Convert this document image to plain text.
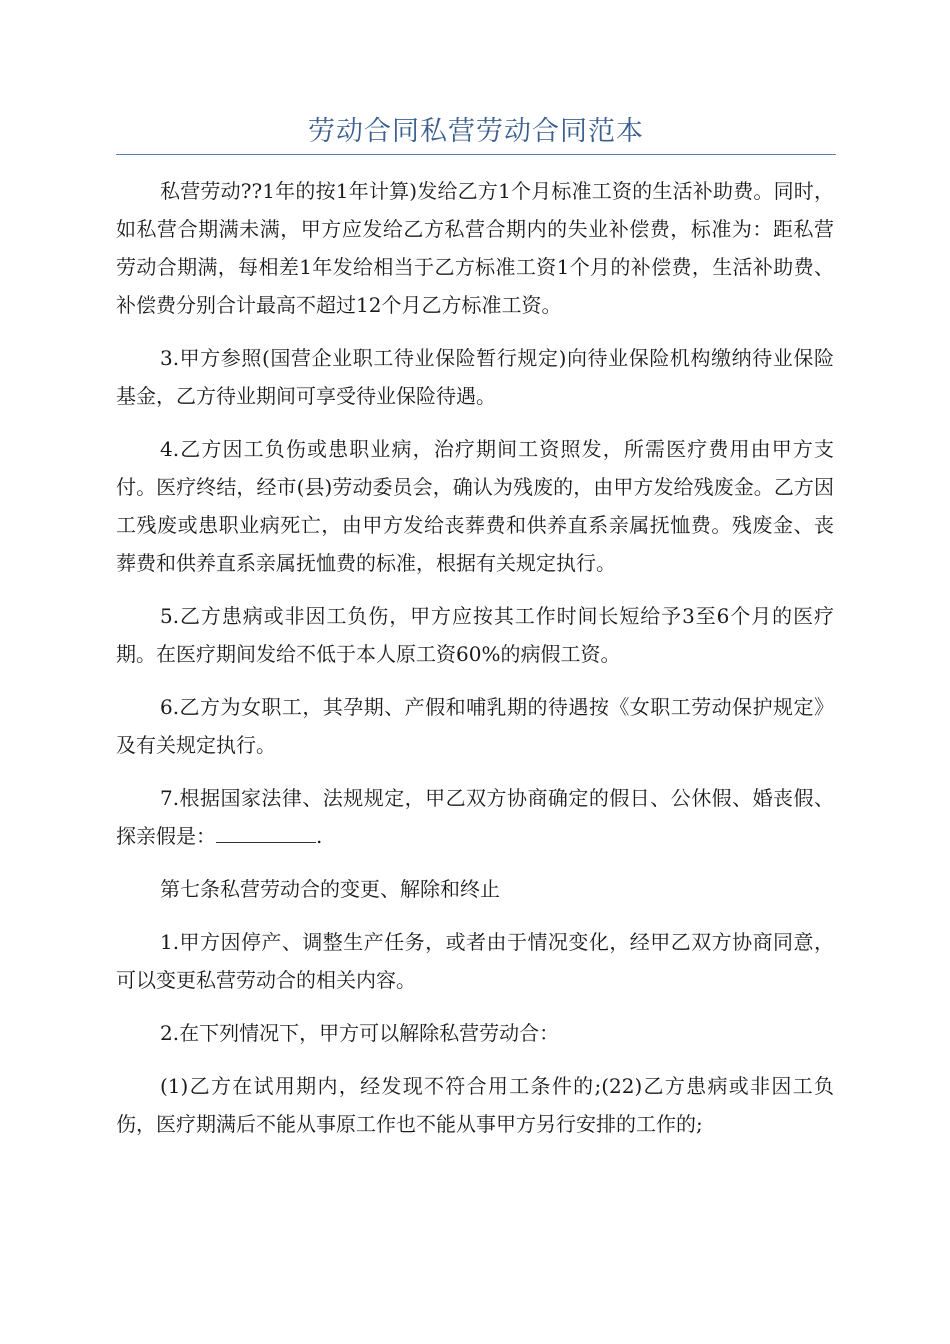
劳动合同私营劳动合同范本

私营劳动??1年的按1年计算)发给乙方1个月标准工资的生活补助费。同时，如私营合期满未满，甲方应发给乙方私营合期内的失业补偿费，标准为：距私营劳动合期满，每相差1年发给相当于乙方标准工资1个月的补偿费，生活补助费、补偿费分别合计最高不超过12个月乙方标准工资。

3.甲方参照(国营企业职工待业保险暂行规定)向待业保险机构缴纳待业保险基金，乙方待业期间可享受待业保险待遇。

4.乙方因工负伤或患职业病，治疗期间工资照发，所需医疗费用由甲方支付。医疗终结，经市(县)劳动委员会，确认为残废的，由甲方发给残废金。乙方因工残废或患职业病死亡，由甲方发给丧葬费和供养直系亲属抚恤费。残废金、丧葬费和供养直系亲属抚恤费的标准，根据有关规定执行。

5.乙方患病或非因工负伤，甲方应按其工作时间长短给予3至6个月的医疗期。在医疗期间发给不低于本人原工资60%的病假工资。

6.乙方为女职工，其孕期、产假和哺乳期的待遇按《女职工劳动保护规定》及有关规定执行。

7.根据国家法律、法规规定，甲乙双方协商确定的假日、公休假、婚丧假、探亲假是：	.

第七条私营劳动合的变更、解除和终止

1.甲方因停产、调整生产任务，或者由于情况变化，经甲乙双方协商同意，可以变更私营劳动合的相关内容。

2.在下列情况下，甲方可以解除私营劳动合：

(1)乙方在试用期内，经发现不符合用工条件的;(22)乙方患病或非因工负伤，医疗期满后不能从事原工作也不能从事甲方另行安排的工作的;
